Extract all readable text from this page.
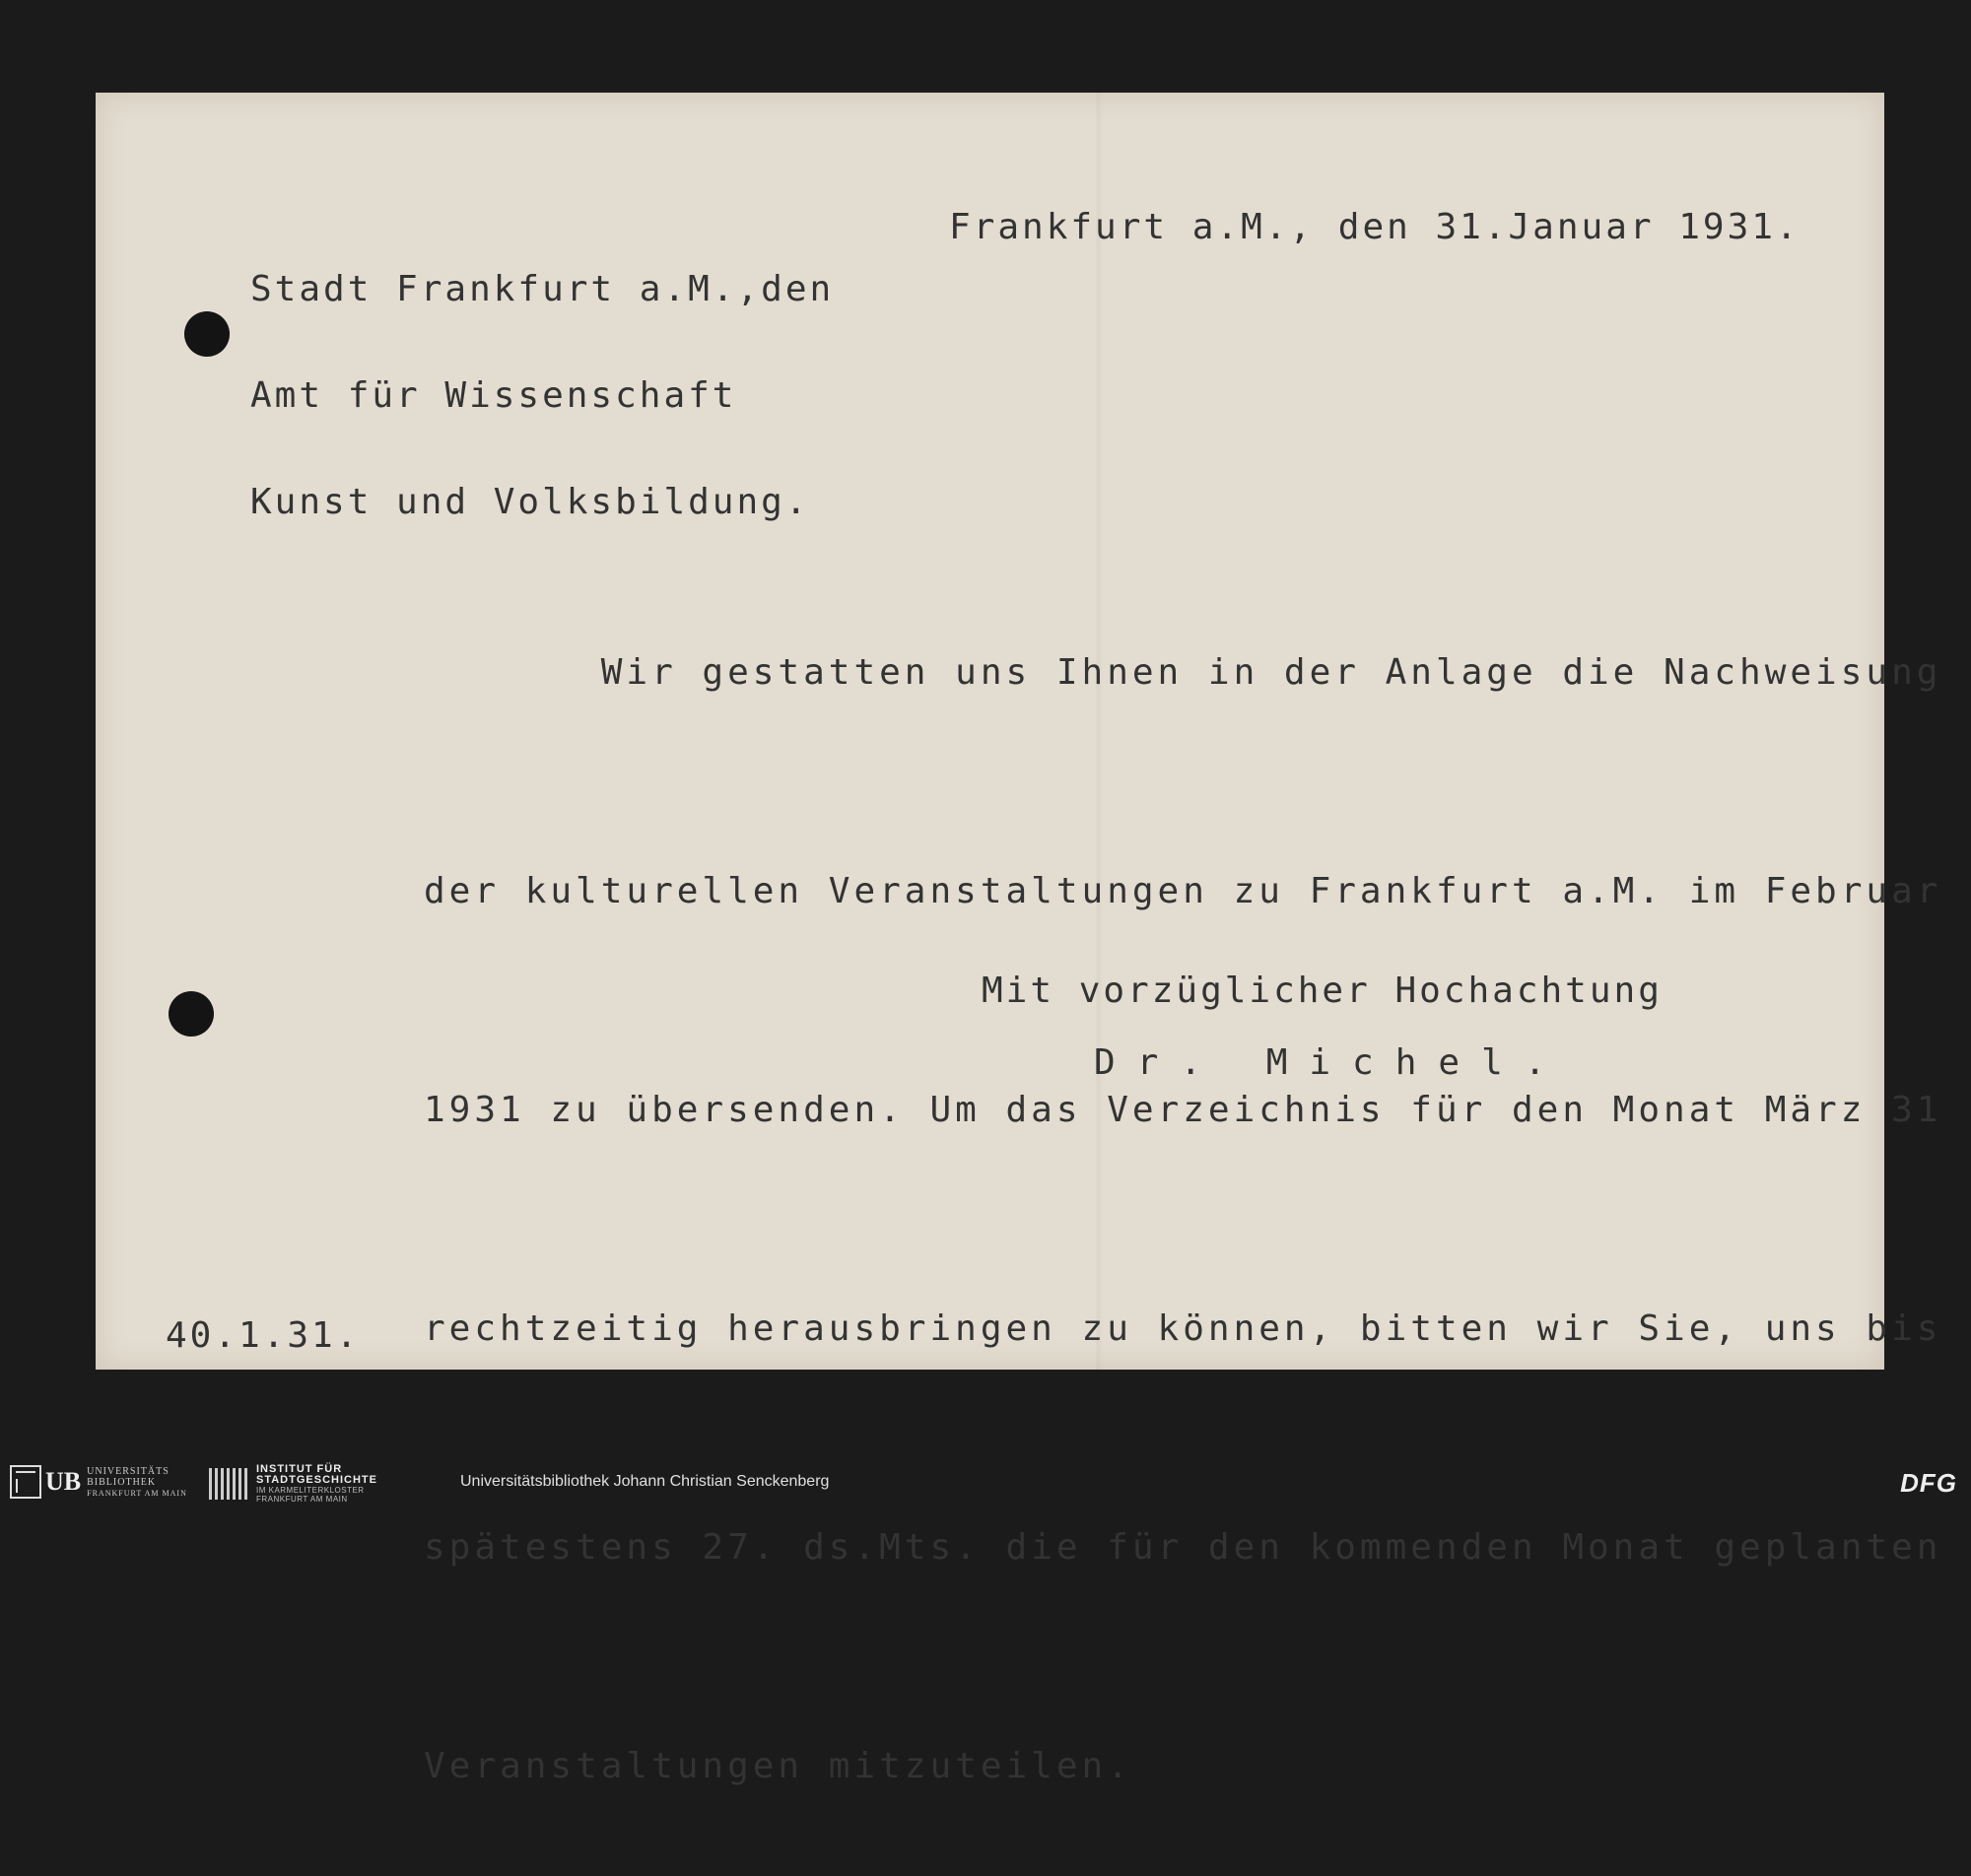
Stadt Frankfurt a.M.,den

Amt für Wissenschaft

Kunst und Volksbildung.

Frankfurt a.M., den 31.Januar 1931.

Wir gestatten uns Ihnen in der Anlage die Nachweisung

der kulturellen Veranstaltungen zu Frankfurt a.M. im Februar

1931 zu übersenden. Um das Verzeichnis für den Monat März 31

rechtzeitig herausbringen zu können, bitten wir Sie, uns bis

spätestens 27. ds.Mts. die für den kommenden Monat geplanten

Veranstaltungen mitzuteilen.

Mit vorzüglicher Hochachtung
Dr. Michel.
40.1.31.
UB UNIVERSITÄTS
BIBLIOTHEK
FRANKFURT AM MAIN
INSTITUT FÜR
STADTGESCHICHTE
IM KARMELITERKLOSTER
FRANKFURT AM MAIN
Universitätsbibliothek Johann Christian Senckenberg	DFG
